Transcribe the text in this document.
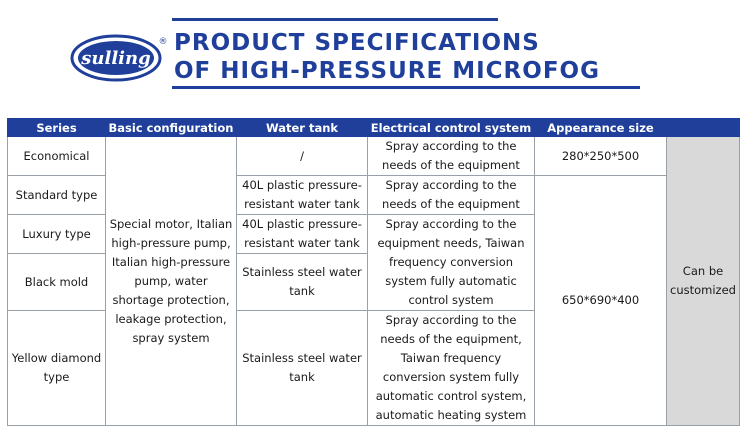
sulling
® PRODUCT SPECIFICATIONS
OF HIGH-PRESSURE MICROFOG
Series	Basic configuration	Water tank	Electrical control system	Appearance size	
Economical	Special motor, Italian high-pressure pump, Italian high-pressure pump, water shortage protection, leakage protection, spray system	/	Spray according to the needs of the equipment	280*250*500	Can be customized
Standard type		40L plastic pressure-resistant water tank	Spray according to the needs of the equipment	650*690*400	
Luxury type		40L plastic pressure-resistant water tank	Spray according to the equipment needs, Taiwan frequency conversion system fully automatic control system		
Black mold		Stainless steel water tank			
Yellow diamond type		Stainless steel water tank	Spray according to the needs of the equipment, Taiwan frequency conversion system fully automatic control system, automatic heating system		
